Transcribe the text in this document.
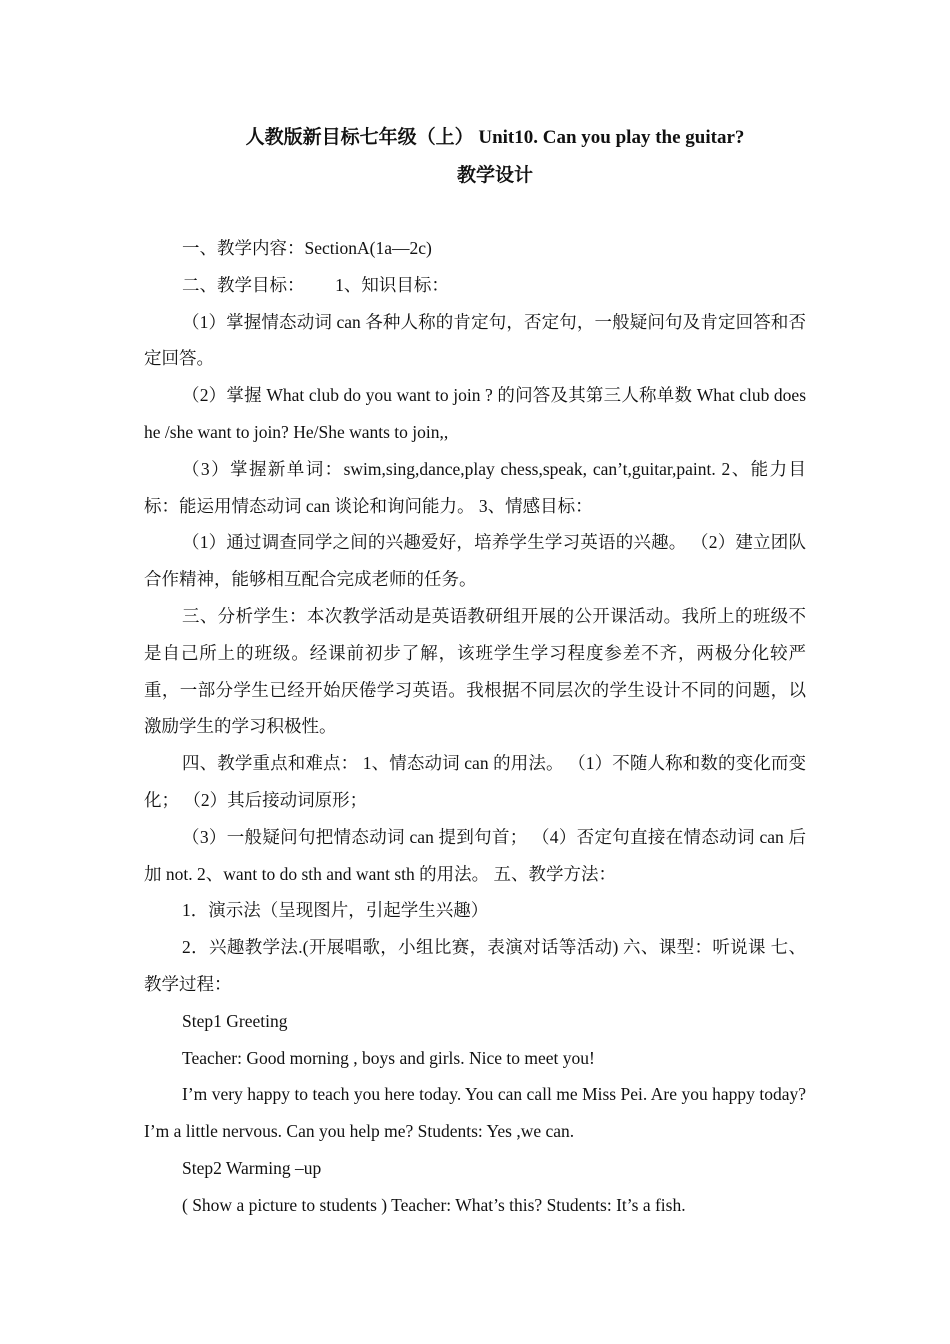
人教版新目标七年级（上） Unit10. Can you play the guitar?
教学设计

一、教学内容：SectionA(1a—2c)

二、教学目标：　　 1、知识目标：

（1）掌握情态动词 can 各种人称的肯定句，否定句，一般疑问句及肯定回答和否定回答。

（2）掌握 What club do you want to join ? 的问答及其第三人称单数 What club does he /she want to join? He/She wants to join,,

（3）掌握新单词：swim,sing,dance,play chess,speak, can’t,guitar,paint. 2、能力目标：能运用情态动词 can 谈论和询问能力。 3、情感目标：

（1）通过调查同学之间的兴趣爱好，培养学生学习英语的兴趣。 （2）建立团队合作精神，能够相互配合完成老师的任务。

三、分析学生：本次教学活动是英语教研组开展的公开课活动。我所上的班级不是自己所上的班级。经课前初步了解，该班学生学习程度参差不齐，两极分化较严重，一部分学生已经开始厌倦学习英语。我根据不同层次的学生设计不同的问题，以激励学生的学习积极性。

四、教学重点和难点： 1、情态动词 can 的用法。 （1）不随人称和数的变化而变化； （2）其后接动词原形；

（3）一般疑问句把情态动词 can 提到句首； （4）否定句直接在情态动词 can 后加 not. 2、want to do sth and want sth 的用法。 五、教学方法：

1．演示法（呈现图片，引起学生兴趣）

2．兴趣教学法.(开展唱歌，小组比赛，表演对话等活动) 六、课型：听说课 七、教学过程：

Step1 Greeting

Teacher: Good morning , boys and girls. Nice to meet you!

I’m very happy to teach you here today. You can call me Miss Pei. Are you happy today? I’m a little nervous. Can you help me? Students: Yes ,we can.

Step2 Warming –up

( Show a picture to students ) Teacher: What’s this? Students: It’s a fish.
